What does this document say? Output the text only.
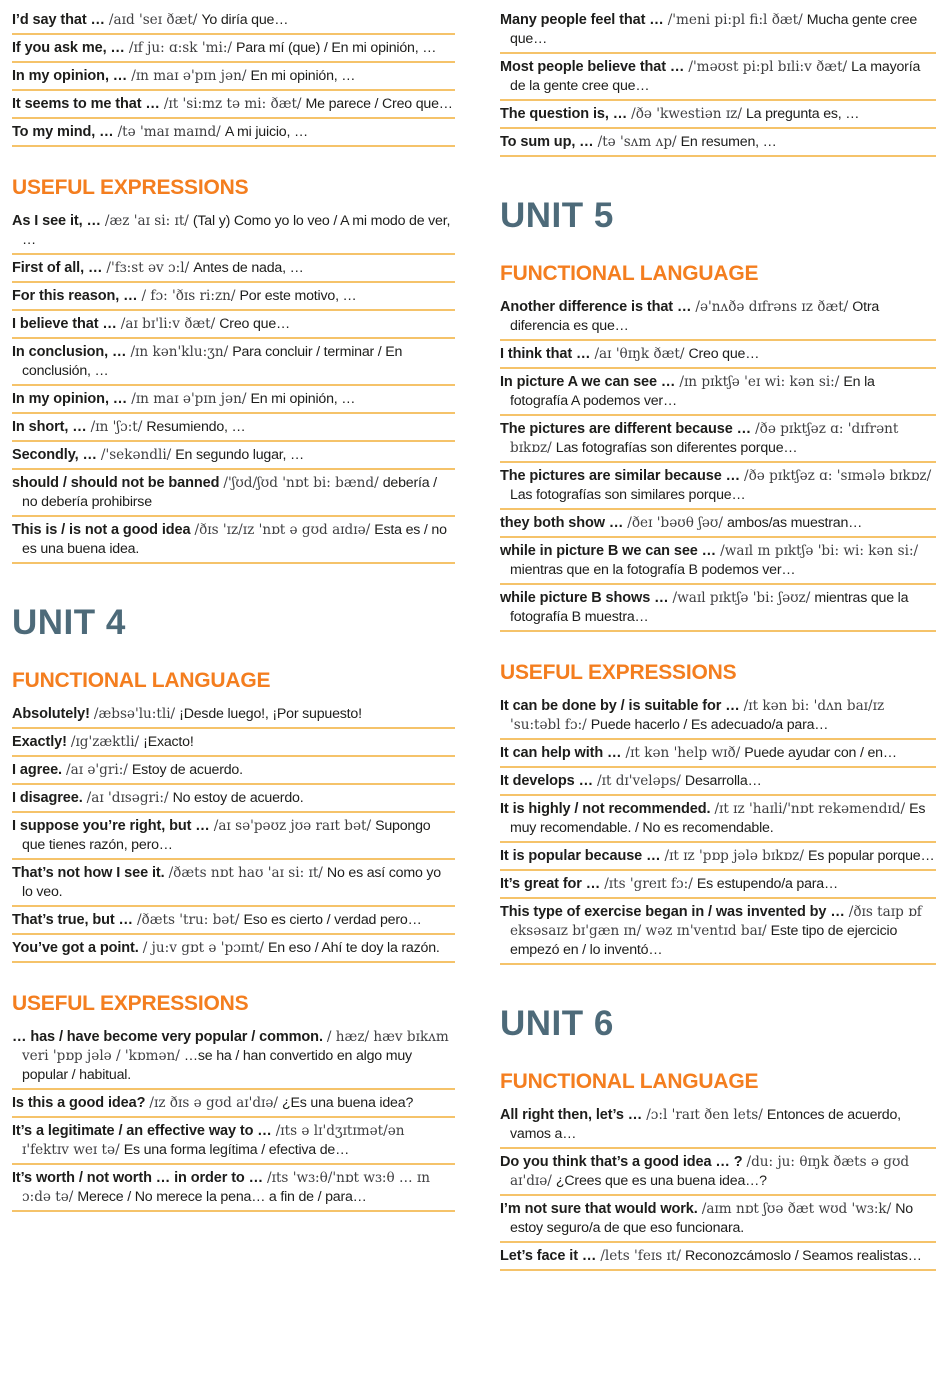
I’d say that … /aɪd 'seɪ ðæt/ Yo diría que…
If you ask me, … /ɪf ju: ɑ:sk 'mi:/ Para mí (que) / En mi opinión, …
In my opinion, … /ɪn maɪ ə'pɪn jən/ En mi opinión, …
It seems to me that … /ɪt 'si:mz tə mi: ðæt/ Me parece / Creo que…
To my mind, … /tə 'maɪ maɪnd/ A mi juicio, …
USEFUL EXPRESSIONS
As I see it, … /æz 'aɪ si: ɪt/ (Tal y) Como yo lo veo / A mi modo de ver, …
First of all, … /'fɜ:st əv ɔ:l/ Antes de nada, …
For this reason, … / fɔ: 'ðɪs ri:zn/ Por este motivo, …
I believe that … /aɪ bɪ'li:v ðæt/ Creo que…
In conclusion, … /ɪn kən'klu:ʒn/ Para concluir / terminar / En conclusión, …
In my opinion, … /ɪn maɪ ə'pɪn jən/ En mi opinión, …
In short, … /ɪn 'ʃɔ:t/ Resumiendo, …
Secondly, … /'sekəndli/ En segundo lugar, …
should / should not be banned /'ʃʊd/ʃʊd 'nɒt bi: bænd/ debería / no debería prohibirse
This is / is not a good idea /ðɪs 'ɪz/ɪz 'nɒt ə gʊd aɪdɪə/ Esta es / no es una buena idea.
UNIT 4
FUNCTIONAL LANGUAGE
Absolutely! /æbsə'lu:tli/ ¡Desde luego!, ¡Por supuesto!
Exactly! /ɪg'zæktli/ ¡Exacto!
I agree. /aɪ ə'gri:/ Estoy de acuerdo.
I disagree. /aɪ 'dɪsəgri:/ No estoy de acuerdo.
I suppose you’re right, but … /aɪ sə'pəʊz jʊə raɪt bət/ Supongo que tienes razón, pero…
That’s not how I see it. /ðæts nɒt haʊ 'aɪ si: ɪt/ No es así como yo lo veo.
That’s true, but … /ðæts 'tru: bət/ Eso es cierto / verdad pero…
You’ve got a point. / ju:v gɒt ə 'pɔɪnt/ En eso / Ahí te doy la razón.
USEFUL EXPRESSIONS
… has / have become very popular / common. / hæz/ hæv bɪkʌm veri 'pɒp jələ / 'kɒmən/ …se ha / han convertido en algo muy popular / habitual.
Is this a good idea? /ɪz ðɪs ə gʊd aɪ'dɪə/ ¿Es una buena idea?
It’s a legitimate / an effective way to … /ɪts ə lɪ'dʒɪtɪmət/ən ɪ'fektɪv weɪ tə/ Es una forma legítima / efectiva de…
It’s worth / not worth … in order to … /ɪts 'wɜ:θ/'nɒt wɜ:θ … ɪn ɔ:də tə/ Merece / No merece la pena… a fin de / para…
Many people feel that … /'meni pi:pl fi:l ðæt/ Mucha gente cree que…
Most people believe that … /'məʊst pi:pl bɪli:v ðæt/ La mayoría de la gente cree que…
The question is, … /ðə 'kwestiən ɪz/ La pregunta es, …
To sum up, … /tə 'sʌm ʌp/ En resumen, …
UNIT 5
FUNCTIONAL LANGUAGE
Another difference is that … /ə'nʌðə dɪfrəns ɪz ðæt/ Otra diferencia es que…
I think that … /aɪ 'θɪŋk ðæt/ Creo que…
In picture A we can see … /ɪn pɪktʃə 'eɪ wi: kən si:/ En la fotografía A podemos ver…
The pictures are different because … /ðə pɪktʃəz ɑ: 'dɪfrənt bɪkɒz/ Las fotografías son diferentes porque…
The pictures are similar because … /ðə pɪktʃəz ɑ: 'sɪmələ bɪkɒz/ Las fotografías son similares porque…
they both show … /ðeɪ 'bəʊθ ʃəʊ/ ambos/as muestran…
while in picture B we can see … /waɪl ɪn pɪktʃə 'bi: wi: kən si:/ mientras que en la fotografía B podemos ver…
while picture B shows … /waɪl pɪktʃə 'bi: ʃəʊz/ mientras que la fotografía B muestra…
USEFUL EXPRESSIONS
It can be done by / is suitable for … /ɪt kən bi: 'dʌn baɪ/ɪz 'su:təbl fɔ:/ Puede hacerlo / Es adecuado/a para…
It can help with … /ɪt kən 'help wɪð/ Puede ayudar con / en…
It develops … /ɪt dɪ'veləps/ Desarrolla…
It is highly / not recommended. /ɪt ɪz 'haɪli/'nɒt rekəmendɪd/ Es muy recomendable. / No es recomendable.
It is popular because … /ɪt ɪz 'pɒp jələ bɪkɒz/ Es popular porque…
It’s great for … /ɪts 'greɪt fɔ:/ Es estupendo/a para…
This type of exercise began in / was invented by … /ðɪs taɪp ɒf eksəsaɪz bɪ'gæn ɪn/ wəz ɪn'ventɪd baɪ/ Este tipo de ejercicio empezó en / lo inventó…
UNIT 6
FUNCTIONAL LANGUAGE
All right then, let’s … /ɔ:l 'raɪt ðen lets/ Entonces de acuerdo, vamos a…
Do you think that’s a good idea … ? /du: ju: θɪŋk ðæts ə gʊd aɪ'dɪə/ ¿Crees que es una buena idea…?
I’m not sure that would work. /aɪm nɒt ʃʊə ðæt wʊd 'wɜ:k/ No estoy seguro/a de que eso funcionara.
Let’s face it … /lets 'feɪs ɪt/ Reconozcámoslo / Seamos realistas…
